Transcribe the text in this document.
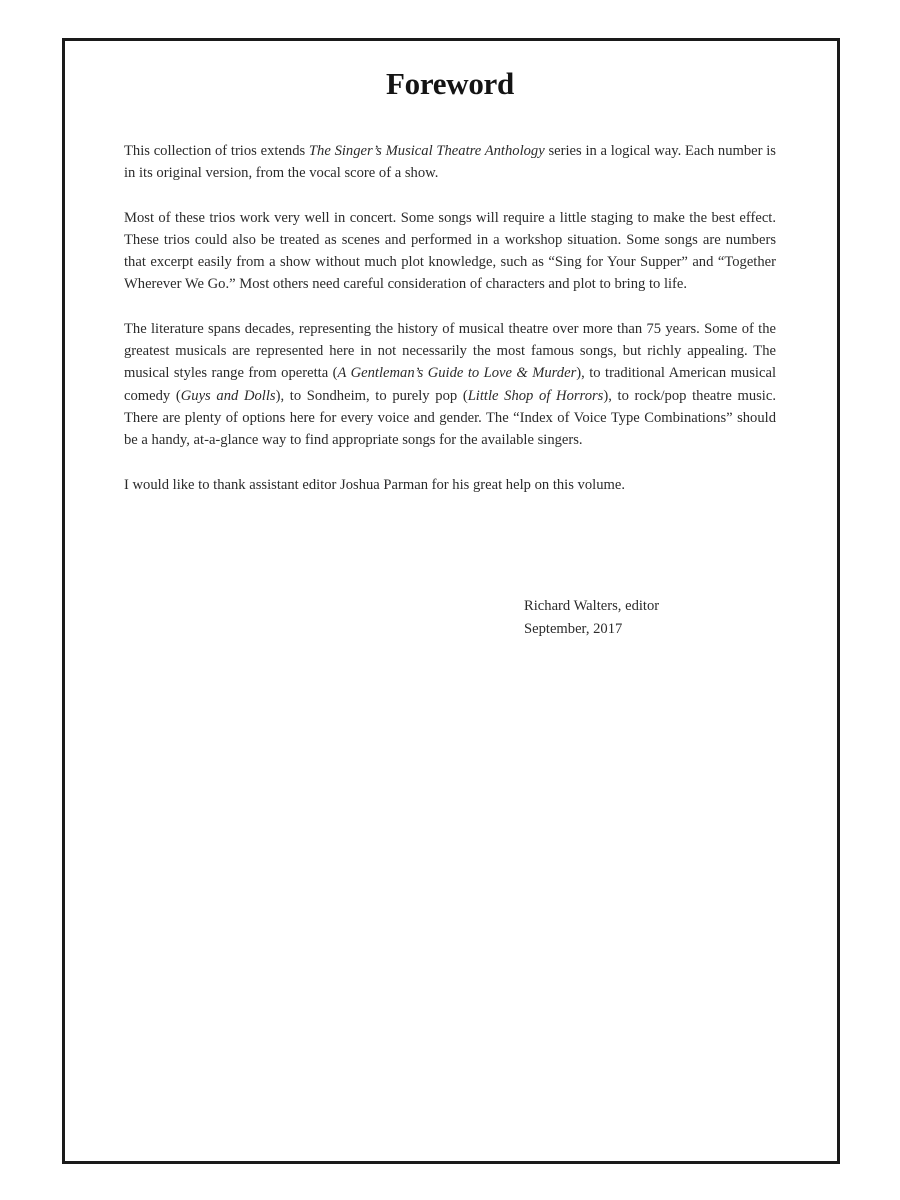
Foreword

This collection of trios extends The Singer’s Musical Theatre Anthology series in a logical way. Each number is in its original version, from the vocal score of a show.

Most of these trios work very well in concert. Some songs will require a little staging to make the best effect. These trios could also be treated as scenes and performed in a workshop situation. Some songs are numbers that excerpt easily from a show without much plot knowledge, such as “Sing for Your Supper” and “Together Wherever We Go.” Most others need careful consideration of characters and plot to bring to life.

The literature spans decades, representing the history of musical theatre over more than 75 years. Some of the greatest musicals are represented here in not necessarily the most famous songs, but richly appealing. The musical styles range from operetta (A Gentleman’s Guide to Love & Murder), to traditional American musical comedy (Guys and Dolls), to Sondheim, to purely pop (Little Shop of Horrors), to rock/pop theatre music. There are plenty of options here for every voice and gender. The “Index of Voice Type Combinations” should be a handy, at-a-glance way to find appropriate songs for the available singers.

I would like to thank assistant editor Joshua Parman for his great help on this volume.

Richard Walters, editor
September, 2017
